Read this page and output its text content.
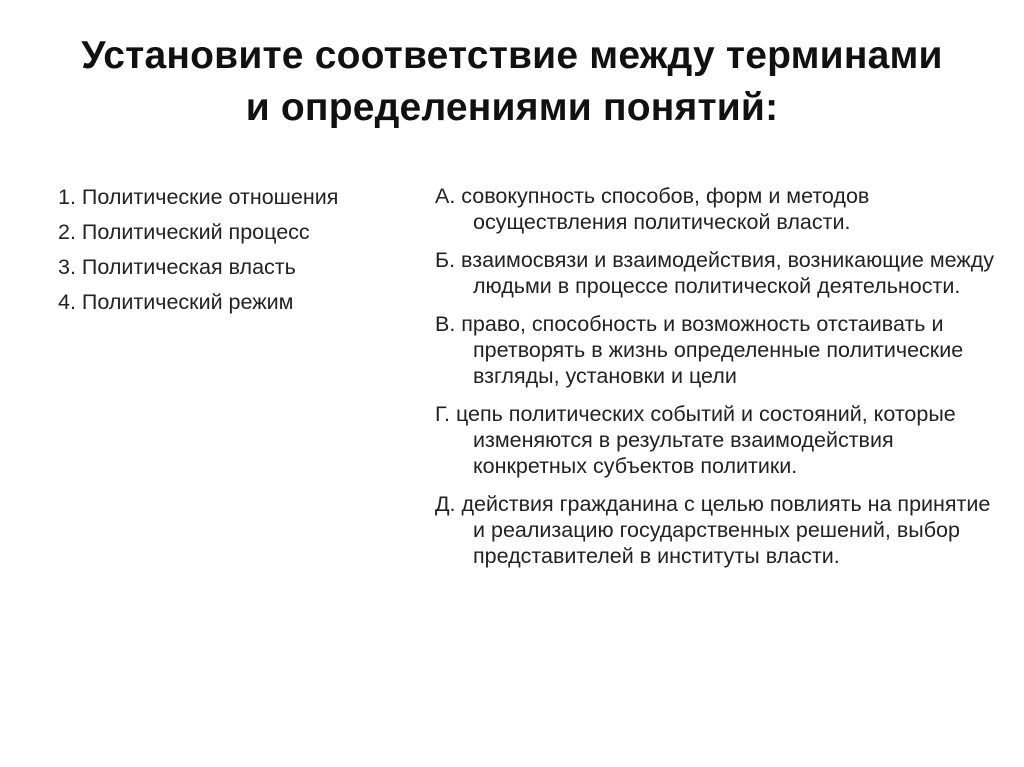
Установите соответствие между терминами
и определениями понятий:
1. Политические отношения
2. Политический процесс
3. Политическая власть
4. Политический режим
А. совокупность способов, форм и методов осуществления политической власти.
Б. взаимосвязи и взаимодействия, возникающие между людьми в процессе политической деятельности.
В. право, способность и возможность отстаивать и претворять в жизнь определенные политические взгляды, установки и цели
Г. цепь политических событий и состояний, которые изменяются в результате взаимодействия конкретных субъектов политики.
Д. действия гражданина с целью повлиять на принятие и реализацию государственных решений, выбор представителей в институты власти.
